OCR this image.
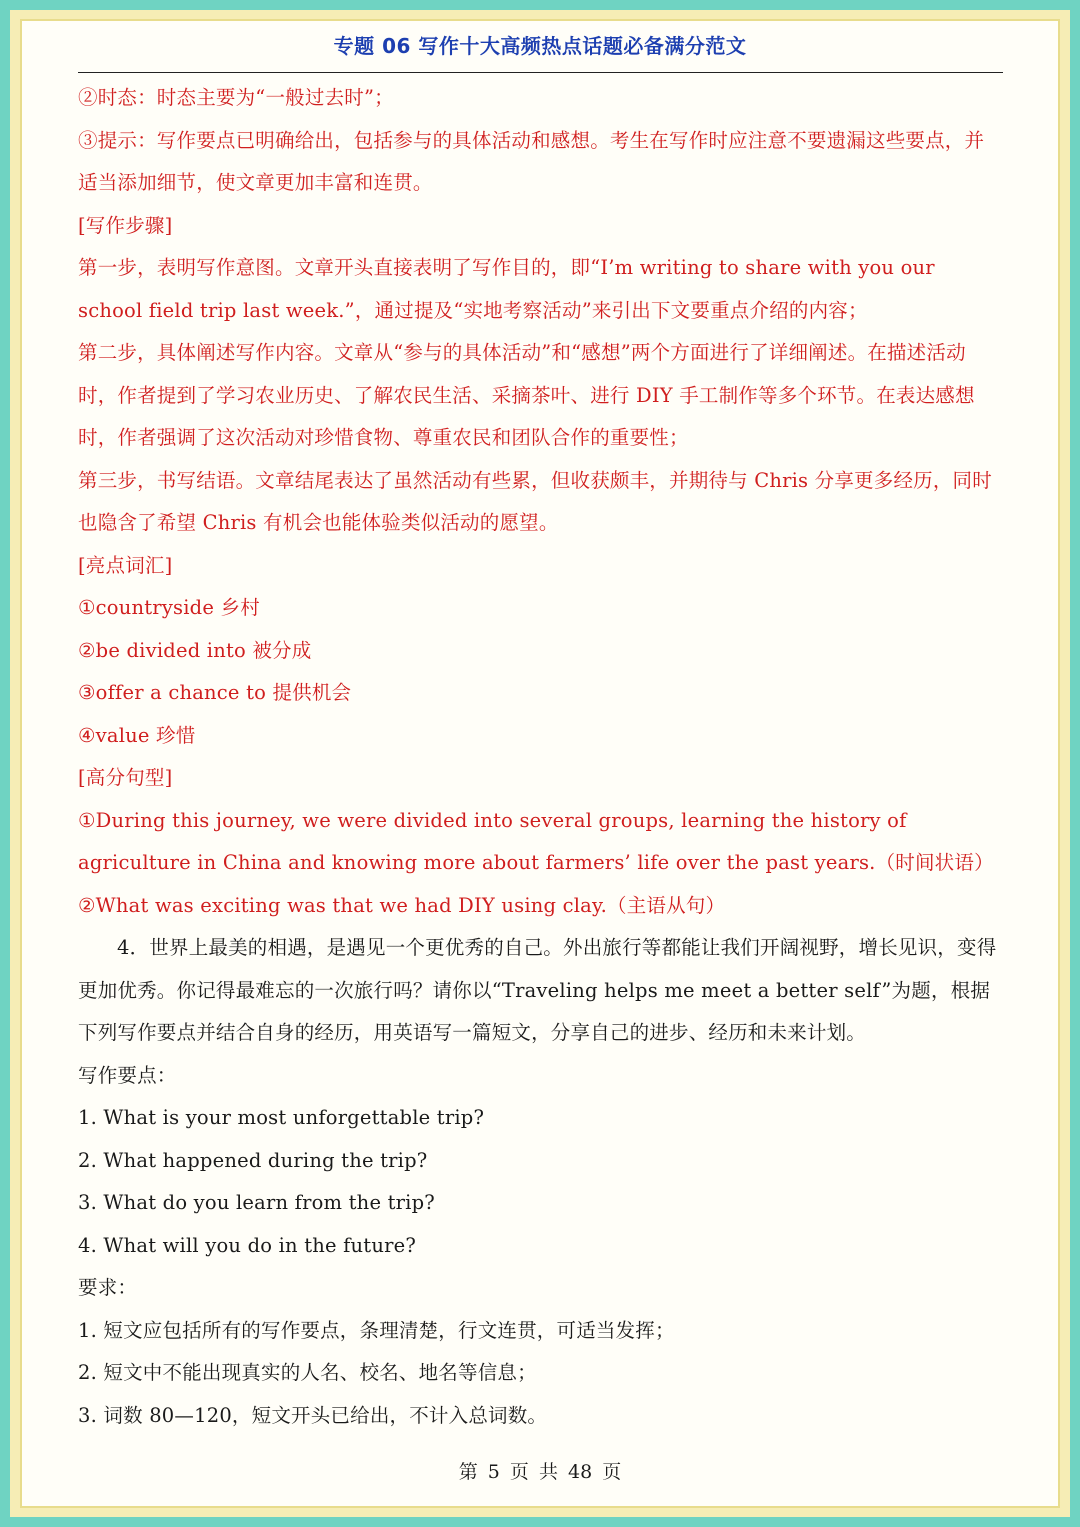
专题 06 写作十大高频热点话题必备满分范文

②时态：时态主要为“一般过去时”；

③提示：写作要点已明确给出，包括参与的具体活动和感想。考生在写作时应注意不要遗漏这些要点，并适当添加细节，使文章更加丰富和连贯。

[写作步骤]

第一步，表明写作意图。文章开头直接表明了写作目的，即“I’m writing to share with you our school field trip last week.”，通过提及“实地考察活动”来引出下文要重点介绍的内容；

第二步，具体阐述写作内容。文章从“参与的具体活动”和“感想”两个方面进行了详细阐述。在描述活动时，作者提到了学习农业历史、了解农民生活、采摘茶叶、进行 DIY 手工制作等多个环节。在表达感想时，作者强调了这次活动对珍惜食物、尊重农民和团队合作的重要性；

第三步，书写结语。文章结尾表达了虽然活动有些累，但收获颇丰，并期待与 Chris 分享更多经历，同时也隐含了希望 Chris 有机会也能体验类似活动的愿望。

[亮点词汇]

①countryside 乡村

②be divided into 被分成

③offer a chance to 提供机会

④value 珍惜

[高分句型]

①During this journey, we were divided into several groups, learning the history of agriculture in China and knowing more about farmers’ life over the past years.（时间状语）

②What was exciting was that we had DIY using clay.（主语从句）

4．世界上最美的相遇，是遇见一个更优秀的自己。外出旅行等都能让我们开阔视野，增长见识，变得更加优秀。你记得最难忘的一次旅行吗？请你以“Traveling helps me meet a better self”为题，根据下列写作要点并结合自身的经历，用英语写一篇短文，分享自己的进步、经历和未来计划。

写作要点：

1. What is your most unforgettable trip?

2. What happened during the trip?

3. What do you learn from the trip?

4. What will you do in the future?

要求：

1. 短文应包括所有的写作要点，条理清楚，行文连贯，可适当发挥；

2. 短文中不能出现真实的人名、校名、地名等信息；

3. 词数 80—120，短文开头已给出，不计入总词数。

第 5 页 共 48 页
